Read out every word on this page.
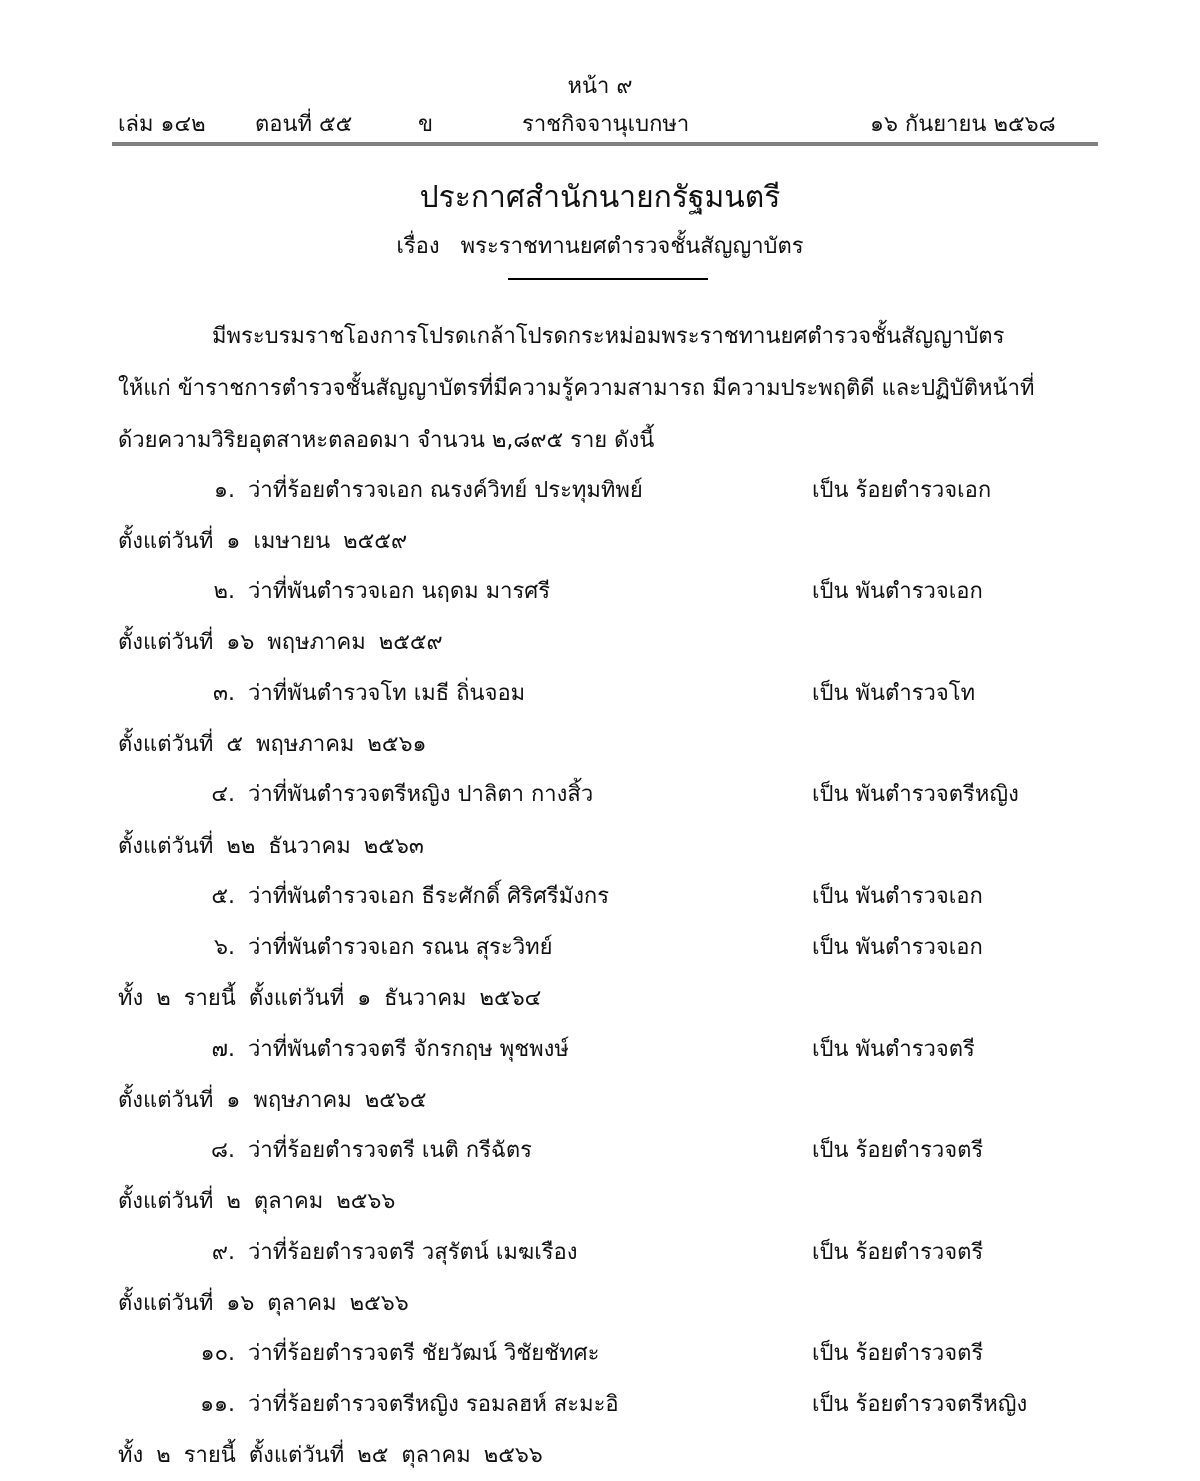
หน้า ๙
เล่ม ๑๔๒ ตอนที่ ๕๕	ข	ราชกิจจานุเบกษา	๑๖ กันยายน ๒๕๖๘
ประกาศสำนักนายกรัฐมนตรี
เรื่อง พระราชทานยศตำรวจชั้นสัญญาบัตร
มีพระบรมราชโองการโปรดเกล้าโปรดกระหม่อมพระราชทานยศตำรวจชั้นสัญญาบัตร
ให้แก่ ข้าราชการตำรวจชั้นสัญญาบัตรที่มีความรู้ความสามารถ มีความประพฤติดี และปฏิบัติหน้าที่
ด้วยความวิริยอุตสาหะตลอดมา จำนวน ๒,๘๙๕ ราย ดังนี้
๑. ว่าที่ร้อยตำรวจเอก ณรงค์วิทย์ ประทุมทิพย์	เป็น ร้อยตำรวจเอก
ตั้งแต่วันที่ ๑ เมษายน ๒๕๕๙
๒. ว่าที่พันตำรวจเอก นฤดม มารศรี	เป็น พันตำรวจเอก
ตั้งแต่วันที่ ๑๖ พฤษภาคม ๒๕๕๙
๓. ว่าที่พันตำรวจโท เมธี ถิ่นจอม	เป็น พันตำรวจโท
ตั้งแต่วันที่ ๕ พฤษภาคม ๒๕๖๑
๔. ว่าที่พันตำรวจตรีหญิง ปาลิตา กางสิ้ว	เป็น พันตำรวจตรีหญิง
ตั้งแต่วันที่ ๒๒ ธันวาคม ๒๕๖๓
๕. ว่าที่พันตำรวจเอก ธีระศักดิ์ ศิริศรีมังกร	เป็น พันตำรวจเอก
๖. ว่าที่พันตำรวจเอก รณน สุระวิทย์	เป็น พันตำรวจเอก
ทั้ง ๒ รายนี้ ตั้งแต่วันที่ ๑ ธันวาคม ๒๕๖๔
๗. ว่าที่พันตำรวจตรี จักรกฤษ พุชพงษ์	เป็น พันตำรวจตรี
ตั้งแต่วันที่ ๑ พฤษภาคม ๒๕๖๕
๘. ว่าที่ร้อยตำรวจตรี เนติ กรีฉัตร	เป็น ร้อยตำรวจตรี
ตั้งแต่วันที่ ๒ ตุลาคม ๒๕๖๖
๙. ว่าที่ร้อยตำรวจตรี วสุรัตน์ เมฆเรือง	เป็น ร้อยตำรวจตรี
ตั้งแต่วันที่ ๑๖ ตุลาคม ๒๕๖๖
๑๐. ว่าที่ร้อยตำรวจตรี ชัยวัฒน์ วิชัยชัทศะ	เป็น ร้อยตำรวจตรี
๑๑. ว่าที่ร้อยตำรวจตรีหญิง รอมลฮห์ สะมะอิ	เป็น ร้อยตำรวจตรีหญิง
ทั้ง ๒ รายนี้ ตั้งแต่วันที่ ๒๕ ตุลาคม ๒๕๖๖
